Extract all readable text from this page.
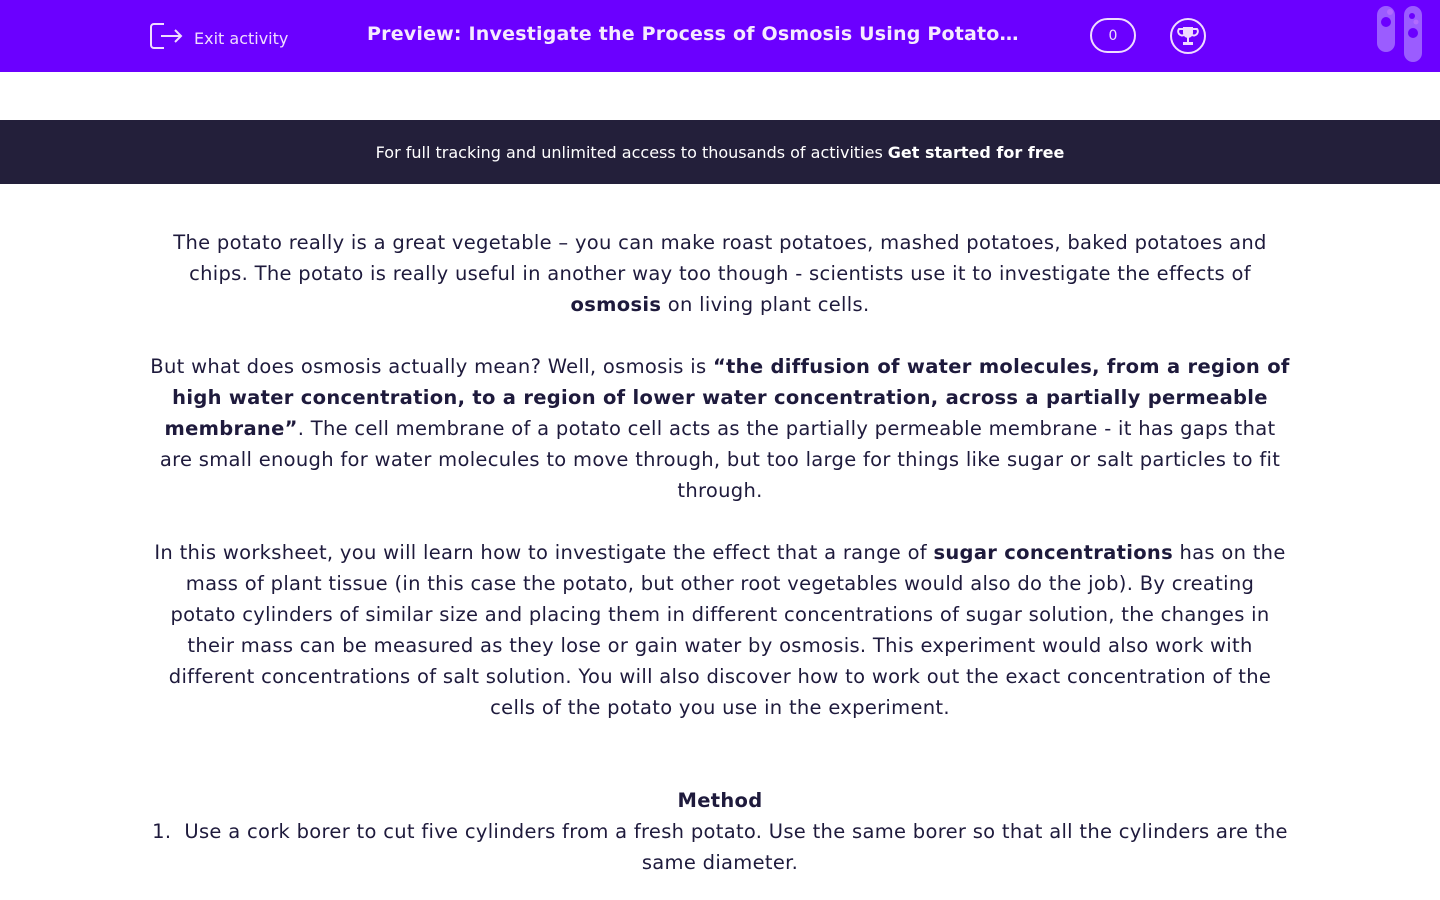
Exit activity	Preview: Investigate the Process of Osmosis Using Potato…	0
For full tracking and unlimited access to thousands of activities Get started for free

The potato really is a great vegetable – you can make roast potatoes, mashed potatoes, baked potatoes and chips. The potato is really useful in another way too though - scientists use it to investigate the effects of osmosis on living plant cells.

But what does osmosis actually mean? Well, osmosis is “the diffusion of water molecules, from a region of high water concentration, to a region of lower water concentration, across a partially permeable membrane”. The cell membrane of a potato cell acts as the partially permeable membrane - it has gaps that are small enough for water molecules to move through, but too large for things like sugar or salt particles to fit through.

In this worksheet, you will learn how to investigate the effect that a range of sugar concentrations has on the mass of plant tissue (in this case the potato, but other root vegetables would also do the job). By creating potato cylinders of similar size and placing them in different concentrations of sugar solution, the changes in their mass can be measured as they lose or gain water by osmosis. This experiment would also work with different concentrations of salt solution. You will also discover how to work out the exact concentration of the cells of the potato you use in the experiment.

Method
1. Use a cork borer to cut five cylinders from a fresh potato. Use the same borer so that all the cylinders are the same diameter.
